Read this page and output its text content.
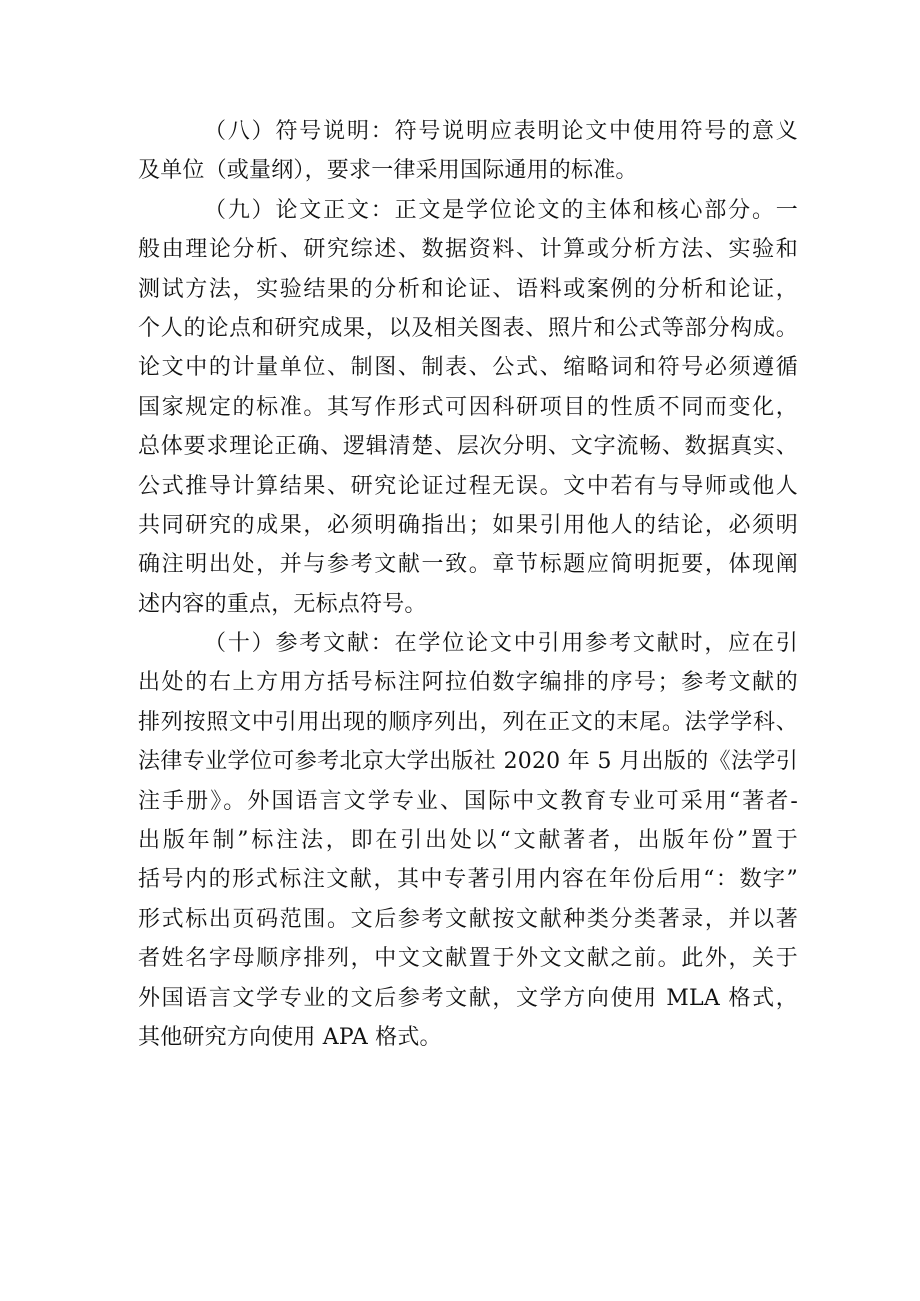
（八）符号说明：符号说明应表明论文中使用符号的意义
及单位（或量纲），要求一律采用国际通用的标准。
（九）论文正文：正文是学位论文的主体和核心部分。一
般由理论分析、研究综述、数据资料、计算或分析方法、实验和
测试方法，实验结果的分析和论证、语料或案例的分析和论证，
个人的论点和研究成果，以及相关图表、照片和公式等部分构成。
论文中的计量单位、制图、制表、公式、缩略词和符号必须遵循
国家规定的标准。其写作形式可因科研项目的性质不同而变化，
总体要求理论正确、逻辑清楚、层次分明、文字流畅、数据真实、
公式推导计算结果、研究论证过程无误。文中若有与导师或他人
共同研究的成果，必须明确指出；如果引用他人的结论，必须明
确注明出处，并与参考文献一致。章节标题应简明扼要，体现阐
述内容的重点，无标点符号。
（十）参考文献：在学位论文中引用参考文献时，应在引
出处的右上方用方括号标注阿拉伯数字编排的序号；参考文献的
排列按照文中引用出现的顺序列出，列在正文的末尾。法学学科、
法律专业学位可参考北京大学出版社 2020 年 5 月出版的《法学引
注手册》。外国语言文学专业、国际中文教育专业可采用“著者-
出版年制”标注法，即在引出处以“文献著者，出版年份”置于
括号内的形式标注文献，其中专著引用内容在年份后用“：数字”
形式标出页码范围。文后参考文献按文献种类分类著录，并以著
者姓名字母顺序排列，中文文献置于外文文献之前。此外，关于
外国语言文学专业的文后参考文献，文学方向使用 MLA 格式，
其他研究方向使用 APA 格式。
